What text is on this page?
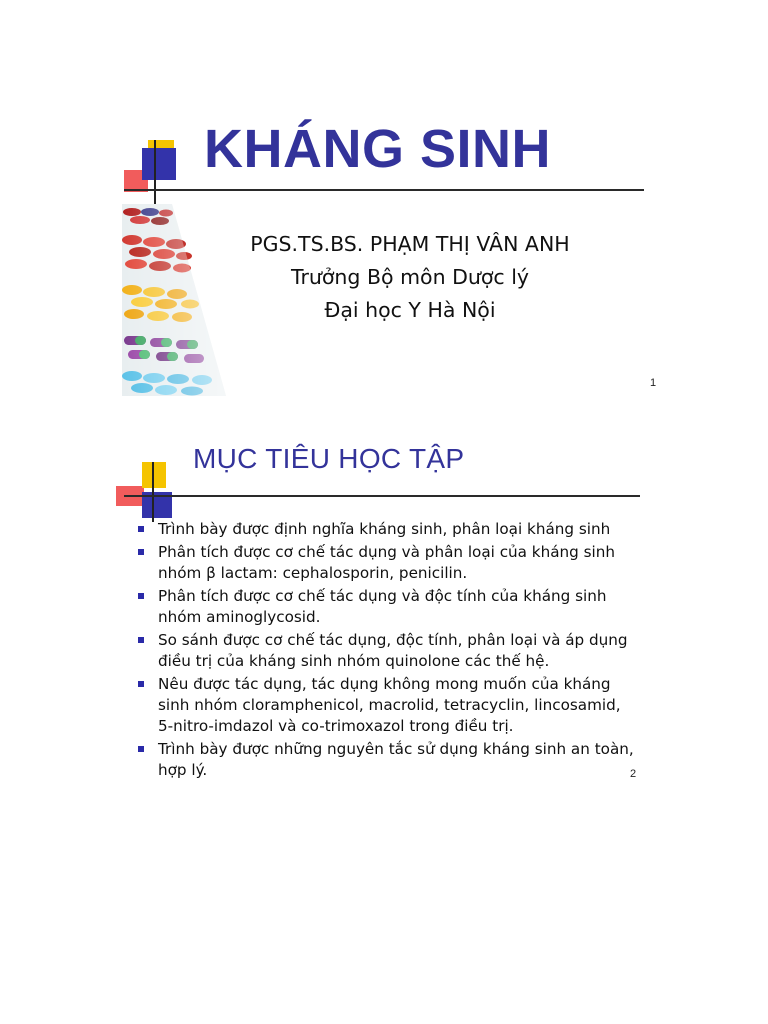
KHÁNG SINH
PGS.TS.BS. PHẠM THỊ VÂN ANH
Trưởng Bộ môn Dược lý
Đại học Y Hà Nội
1
MỤC TIÊU HỌC TẬP
Trình bày được định nghĩa kháng sinh, phân loại kháng sinh
Phân tích được cơ chế tác dụng và phân loại của kháng sinh nhóm β lactam: cephalosporin, penicilin.
Phân tích được cơ chế tác dụng và độc tính của kháng sinh nhóm aminoglycosid.
So sánh được cơ chế tác dụng, độc tính, phân loại và áp dụng điều trị của kháng sinh nhóm quinolone các thế hệ.
Nêu được tác dụng, tác dụng không mong muốn của kháng sinh nhóm cloramphenicol, macrolid, tetracyclin, lincosamid, 5-nitro-imdazol và co-trimoxazol trong điều trị.
Trình bày được những nguyên tắc sử dụng kháng sinh an toàn, hợp lý.	2
